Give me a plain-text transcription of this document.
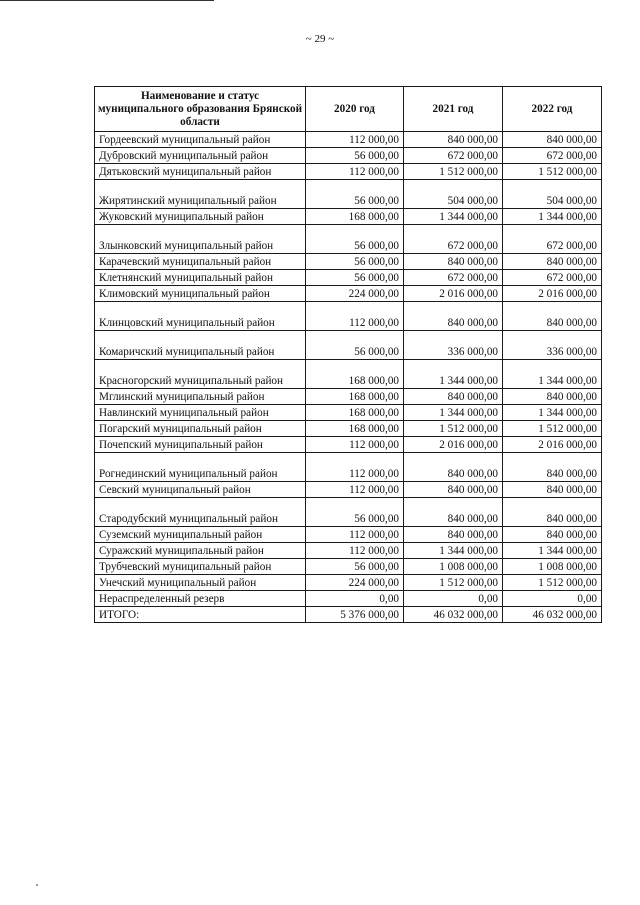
~ 29 ~
Наименование и статус муниципального образования Брянской области	2020 год	2021 год	2022 год
Гордеевский муниципальный район	112 000,00	840 000,00	840 000,00
Дубровский муниципальный район	56 000,00	672 000,00	672 000,00
Дятьковский муниципальный район	112 000,00	1 512 000,00	1 512 000,00
Жирятинский муниципальный район	56 000,00	504 000,00	504 000,00
Жуковский муниципальный район	168 000,00	1 344 000,00	1 344 000,00
Злынковский муниципальный район	56 000,00	672 000,00	672 000,00
Карачевский муниципальный район	56 000,00	840 000,00	840 000,00
Клетнянский муниципальный район	56 000,00	672 000,00	672 000,00
Климовский муниципальный район	224 000,00	2 016 000,00	2 016 000,00
Клинцовский муниципальный район	112 000,00	840 000,00	840 000,00
Комаричский муниципальный район	56 000,00	336 000,00	336 000,00
Красногорский муниципальный район	168 000,00	1 344 000,00	1 344 000,00
Мглинский муниципальный район	168 000,00	840 000,00	840 000,00
Навлинский муниципальный район	168 000,00	1 344 000,00	1 344 000,00
Погарский муниципальный район	168 000,00	1 512 000,00	1 512 000,00
Почепский муниципальный район	112 000,00	2 016 000,00	2 016 000,00
Рогнединский муниципальный район	112 000,00	840 000,00	840 000,00
Севский муниципальный район	112 000,00	840 000,00	840 000,00
Стародубский муниципальный район	56 000,00	840 000,00	840 000,00
Суземский муниципальный район	112 000,00	840 000,00	840 000,00
Суражский муниципальный район	112 000,00	1 344 000,00	1 344 000,00
Трубчевский муниципальный район	56 000,00	1 008 000,00	1 008 000,00
Унечский муниципальный район	224 000,00	1 512 000,00	1 512 000,00
Нераспределенный резерв	0,00	0,00	0,00
ИТОГО:	5 376 000,00	46 032 000,00	46 032 000,00
